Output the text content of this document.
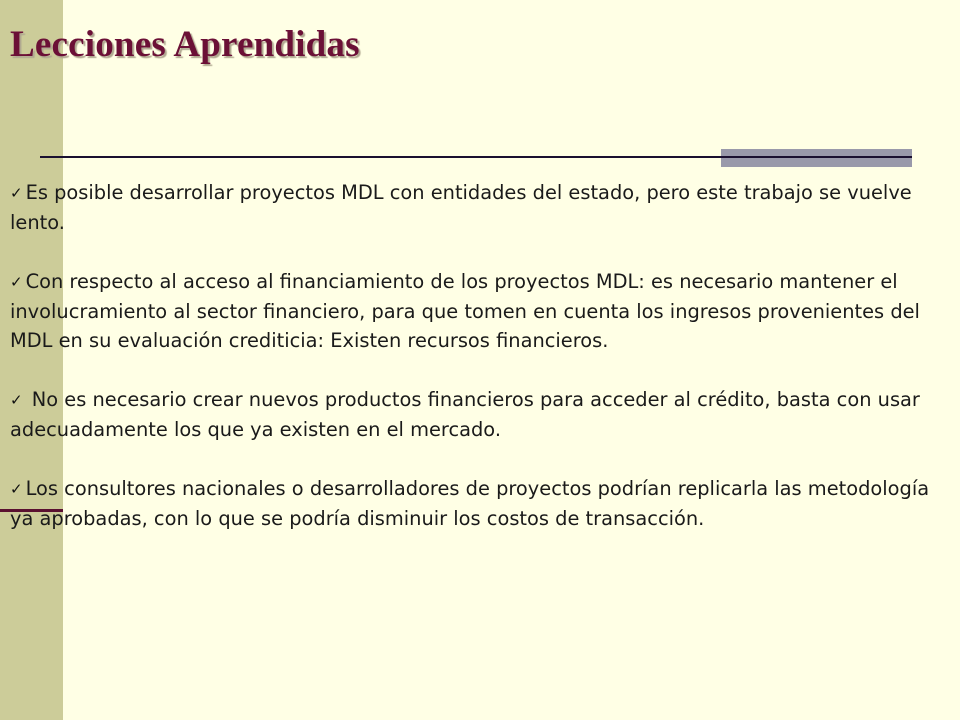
Lecciones Aprendidas
✓ Es posible desarrollar proyectos MDL con entidades del estado, pero este trabajo se vuelve lento.
✓ Con respecto al acceso al financiamiento de los proyectos MDL: es necesario mantener el involucramiento al sector financiero, para que tomen en cuenta los ingresos provenientes del MDL en su evaluación crediticia: Existen recursos financieros.
✓ No es necesario crear nuevos productos financieros para acceder al crédito, basta con usar adecuadamente los que ya existen en el mercado.
✓ Los consultores nacionales o desarrolladores de proyectos podrían replicarla las metodología ya aprobadas, con lo que se podría disminuir los costos de transacción.
